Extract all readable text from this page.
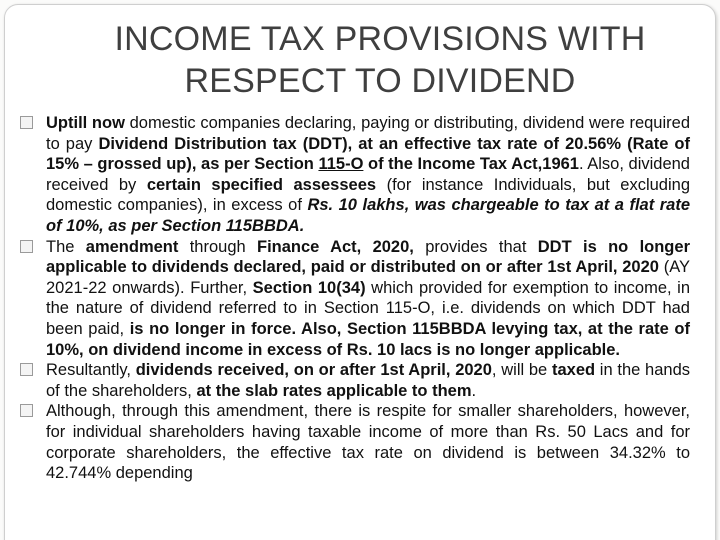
INCOME TAX PROVISIONS WITH RESPECT TO DIVIDEND
Uptill now domestic companies declaring, paying or distributing, dividend were required to pay Dividend Distribution tax (DDT), at an effective tax rate of 20.56% (Rate of 15% – grossed up), as per Section 115-O of the Income Tax Act,1961. Also, dividend received by certain specified assessees (for instance Individuals, but excluding domestic companies), in excess of Rs. 10 lakhs, was chargeable to tax at a flat rate of 10%, as per Section 115BBDA.
The amendment through Finance Act, 2020, provides that DDT is no longer applicable to dividends declared, paid or distributed on or after 1st April, 2020 (AY 2021-22 onwards). Further, Section 10(34) which provided for exemption to income, in the nature of dividend referred to in Section 115-O, i.e. dividends on which DDT had been paid, is no longer in force. Also, Section 115BBDA levying tax, at the rate of 10%, on dividend income in excess of Rs. 10 lacs is no longer applicable.
Resultantly, dividends received, on or after 1st April, 2020, will be taxed in the hands of the shareholders, at the slab rates applicable to them.
Although, through this amendment, there is respite for smaller shareholders, however, for individual shareholders having taxable income of more than Rs. 50 Lacs and for corporate shareholders, the effective tax rate on dividend is between 34.32% to 42.744% depending
